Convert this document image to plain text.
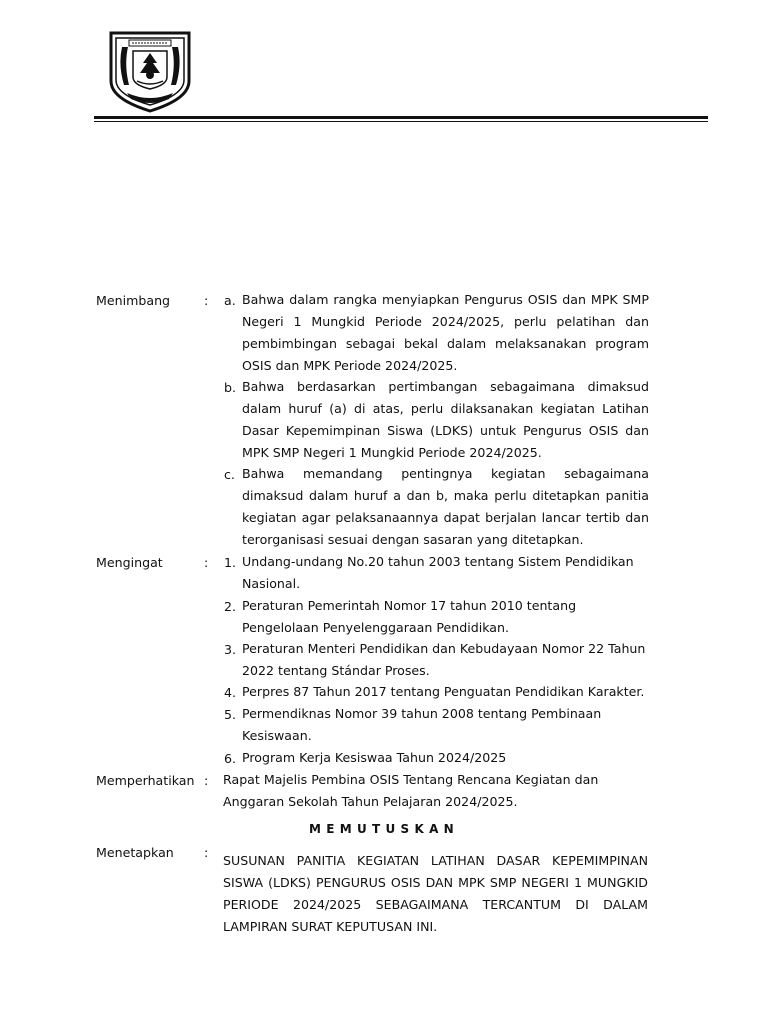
Menimbang	: a. Bahwa dalam rangka menyiapkan Pengurus OSIS dan MPK SMP Negeri 1 Mungkid Periode 2024/2025, perlu pelatihan dan pembimbingan sebagai bekal dalam melaksanakan program OSIS dan MPK Periode 2024/2025.

b. Bahwa berdasarkan pertimbangan sebagaimana dimaksud dalam huruf (a) di atas, perlu dilaksanakan kegiatan Latihan Dasar Kepemimpinan Siswa (LDKS) untuk Pengurus OSIS dan MPK SMP Negeri 1 Mungkid Periode 2024/2025.

c. Bahwa memandang pentingnya kegiatan sebagaimana dimaksud dalam huruf a dan b, maka perlu ditetapkan panitia kegiatan agar pelaksanaannya dapat berjalan lancar tertib dan terorganisasi sesuai dengan sasaran yang ditetapkan.

Mengingat	: 1. Undang-undang No.20 tahun 2003 tentang Sistem Pendidikan Nasional.

2. Peraturan Pemerintah Nomor 17 tahun 2010 tentang Pengelolaan Penyelenggaraan Pendidikan.

3. Peraturan Menteri Pendidikan dan Kebudayaan Nomor 22 Tahun 2022 tentang Stándar Proses.

4. Perpres 87 Tahun 2017 tentang Penguatan Pendidikan Karakter.

5. Permendiknas Nomor 39 tahun 2008 tentang Pembinaan Kesiswaan.

6. Program Kerja Kesiswaa Tahun 2024/2025

Memperhatikan : Rapat Majelis Pembina OSIS Tentang Rencana Kegiatan dan Anggaran Sekolah Tahun Pelajaran 2024/2025.

MEMUTUSKAN
Menetapkan :

SUSUNAN PANITIA KEGIATAN LATIHAN DASAR KEPEMIMPINAN SISWA (LDKS) PENGURUS OSIS DAN MPK SMP NEGERI 1 MUNGKID PERIODE 2024/2025 SEBAGAIMANA TERCANTUM DI DALAM LAMPIRAN SURAT KEPUTUSAN INI.
